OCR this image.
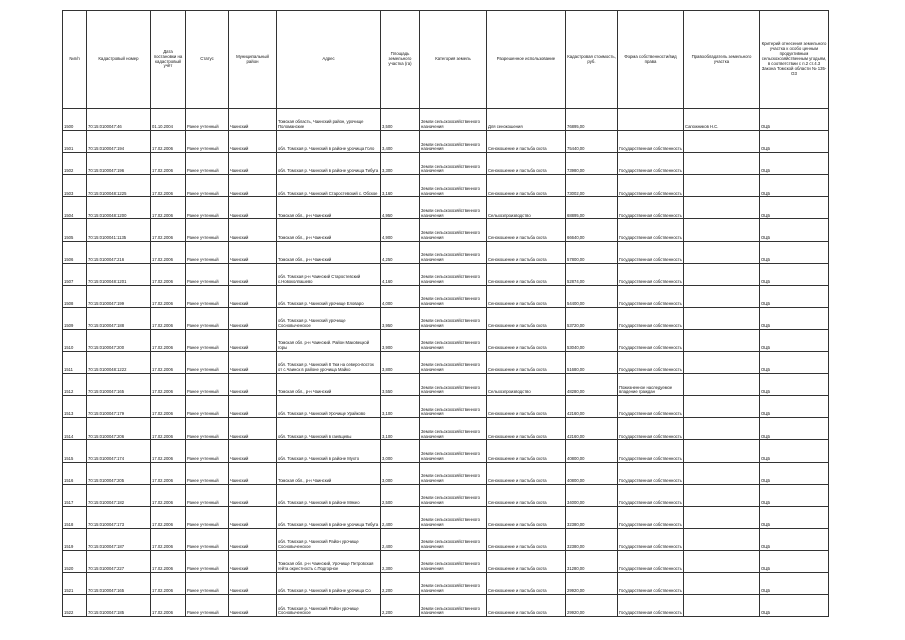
№п/п	Кадастровый номер	Дата постановки на кадастровый учёт	Статус	Муниципальный район	Адрес	Площадь земельного участка (га)	Категория земель	Разрешенное использование	Кадастровая стоимость, руб.	Форма собственности/вид права	Правообладатель земельного участка	Критерий отнесения земельного участка к особо ценным продуктивным сельскохозяйственным угодьям, в соответствии с п.2 ст.4.3 Закона Томской области № 135-ОЗ
1500	70:15:0100047:46	01.10.2004	Ранее учтенный	Чаинский	Томская область, Чаинский район, урочище Поломанские	3,500	Земли сельскохозяйственного назначения	Для сенокошения	76895,00		Сапожников Н.С.	ОЦБ
1501	70:15:0100047:194	17.02.2006	Ранее учтенный	Чаинский	обл. Томская р. Чаинский в районе урочища Голо	3,400	Земли сельскохозяйственного назначения	Сенокошение и пастьба скота	75440,00	Государственная собственность		ОЦБ
1502	70:15:0100047:196	17.02.2006	Ранее учтенный	Чаинский	обл. Томская р. Чаинский в районе урочища Тибуга	3,300	Земли сельскохозяйственного назначения	Сенокошение и пастьба скота	73980,00	Государственная собственность		ОЦБ
1503	70:15:0100048:1225	17.02.2006	Ранее учтенный	Чаинский	обл. Томская р. Чаинский Старостевский с. Обское	3,160	Земли сельскохозяйственного назначения	Сенокошение и пастьба скота	73002,00	Государственная собственность		ОЦБ
1504	70:15:0100048:1200	17.02.2006	Ранее учтенный	Чаинский	Томская обл., р-н Чаинский	4,950	Земли сельскохозяйственного назначения	Сельхозпроизводство	68895,00	Государственная собственность		ОЦБ
1505	70:15:0100041:1135	17.02.2006	Ранее учтенный	Чаинский	Томская обл., р-н Чаинский	4,900	Земли сельскохозяйственного назначения	Сенокошение и пастьба скота	66640,00	Государственная собственность		ОЦБ
1506	70:15:0100047:216	17.02.2006	Ранее учтенный	Чаинский	Томская обл., р-н Чаинский	4,250	Земли сельскохозяйственного назначения	Сенокошение и пастьба скота	57800,00	Государственная собственность		ОЦБ
1507	70:15:0100048:1201	17.02.2006	Ранее учтенный	Чаинский	обл. Томская р-н Чаинский Старостевский с.Новоколпашево	4,160	Земли сельскохозяйственного назначения	Сенокошение и пастьба скота	52874,00	Государственная собственность		ОЦБ
1508	70:15:0100047:199	17.02.2006	Ранее учтенный	Чаинский	обл. Томская р. Чаинский урочище Еловаро	4,000	Земли сельскохозяйственного назначения	Сенокошение и пастьба скота	54400,00	Государственная собственность		ОЦБ
1509	70:15:0100047:188	17.02.2006	Ранее учтенный	Чаинский	обл. Томская р. Чаинский урочище Сосновыченское	3,950	Земли сельскохозяйственного назначения	Сенокошение и пастьба скота	53720,00	Государственная собственность		ОЦБ
1510	70:15:0100047:200	17.02.2006	Ранее учтенный	Чаинский	Томская обл. р-н Чаинский. Район Маковецкой горы	3,900	Земли сельскохозяйственного назначения	Сенокошение и пастьба скота	53040,00	Государственная собственность		ОЦБ
1511	70:15:0100048:1222	17.02.2006	Ранее учтенный	Чаинский	обл. Томская р. Чаинский 8 7км на северо-восток от с.Чаинск в районе урочища Майко	3,800	Земли сельскохозяйственного назначения	Сенокошение и пастьба скота	51680,00	Государственная собственность		ОЦБ
1512	70:15:0100047:165	17.02.2006	Ранее учтенный	Чаинский	Томская обл., р-н Чаинский	3,550	Земли сельскохозяйственного назначения	Сельхозпроизводство	48280,00	Пожизненное наследуемое владение граждан		ОЦБ
1513	70:15:0100047:179	17.02.2006	Ранее учтенный	Чаинский	обл. Томская р. Чаинский Урочище Урайково	3,100	Земли сельскохозяйственного назначения	Сенокошение и пастьба скота	42160,00	Государственная собственность		ОЦБ
1514	70:15:0100047:206	17.02.2006	Ранее учтенный	Чаинский	обл. Томская р. Чаинский в гаевщевы	3,100	Земли сельскохозяйственного назначения	Сенокошение и пастьба скота	42160,00	Государственная собственность		ОЦБ
1515	70:15:0100047:174	17.02.2006	Ранее учтенный	Чаинский	обл. Томская р. Чаинский в районе Мухто	3,000	Земли сельскохозяйственного назначения	Сенокошение и пастьба скота	40800,00	Государственная собственность		ОЦБ
1516	70:15:0100047:205	17.02.2006	Ранее учтенный	Чаинский	Томская обл., р-н Чаинский	3,000	Земли сельскохозяйственного назначения	Сенокошение и пастьба скота	40800,00	Государственная собственность		ОЦБ
1517	70:15:0100047:182	17.02.2006	Ранее учтенный	Чаинский	обл. Томская р. Чаинский в районе Мякео	2,500	Земли сельскохозяйственного назначения	Сенокошение и пастьба скота	34000,00	Государственная собственность		ОЦБ
1518	70:15:0100047:173	17.02.2006	Ранее учтенный	Чаинский	обл. Томская р. Чаинский в районе урочища Тибуга	2,400	Земли сельскохозяйственного назначения	Сенокошение и пастьба скота	32380,00	Государственная собственность		ОЦБ
1519	70:15:0100047:187	17.02.2006	Ранее учтенный	Чаинский	обл. Томская р. Чаинский Район урочище Сосновыченское	2,400	Земли сельскохозяйственного назначения	Сенокошение и пастьба скота	32380,00	Государственная собственность		ОЦБ
1520	70:15:0100047:227	17.02.2006	Ранее учтенный	Чаинский	Томская обл. р-н Чаинский, Урочище Петровская гейта окрестность с.Подгорное	2,300	Земли сельскохозяйственного назначения	Сенокошение и пастьба скота	31280,00	Государственная собственность		ОЦБ
1521	70:15:0100047:165	17.02.2006	Ранее учтенный	Чаинский	обл. Томская р. Чаинский в районе урочища Со	2,200	Земли сельскохозяйственного назначения	Сенокошение и пастьба скота	29920,00	Государственная собственность		ОЦБ
1522	70:15:0100047:185	17.02.2006	Ранее учтенный	Чаинский	обл. Томская р. Чаинский Район урочище Сосновыченское	2,200	Земли сельскохозяйственного назначения	Сенокошение и пастьба скота	29920,00	Государственная собственность		ОЦБ
